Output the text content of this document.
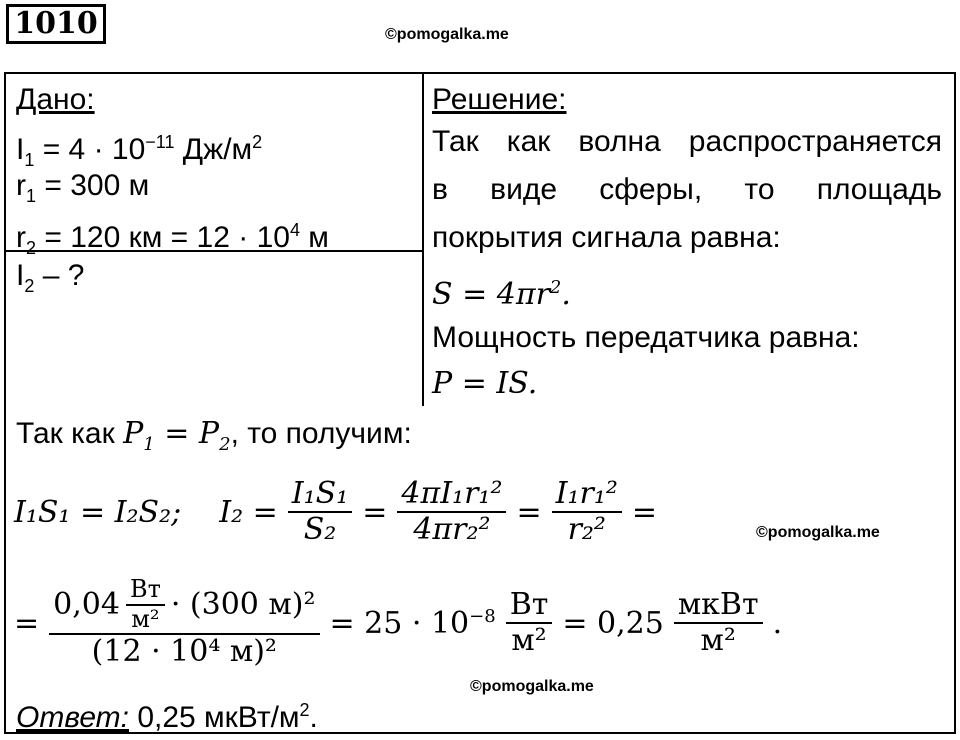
1010	©pomogalka.me
Дано:
$I_1 = 4 \cdot 10^{-11}$ $Дж/м^2$
$r_1 = 300$ м
$r_2 = 120$ км = $12 \cdot 10^4$ м
$I_2$ – ?
Решение:
Так как волна распространяется
в виде сферы, то площадь
покрытия сигнала равна:
$S = 4\pi r^2$.
Мощность передатчика равна:
P = IS.
Так как $P_1 = P_2$, то получим:
I₁S₁ = I₂S₂; $I_2 = \frac{\text{I₁S₁}}{\text{S₂}} = \frac{\text{4πI₁r₁²}}{\text{4πr₂²}} = \frac{\text{I₁r₁²}}{\text{r₂²}}$ =
©pomogalka.me
= $\frac{0,04 \frac{Вт}{\text{м²}} \cdot (300 м)^2}{\text{(12 · 10⁴ м)²}} = 25 \cdot 10^{-8} \frac{Вт}{\text{м²}} = 0,25 \frac{\text{мкВт}}{\text{м²}}$ .
©pomogalka.me
Ответ: 0,25 мкВт/$м^2$.
